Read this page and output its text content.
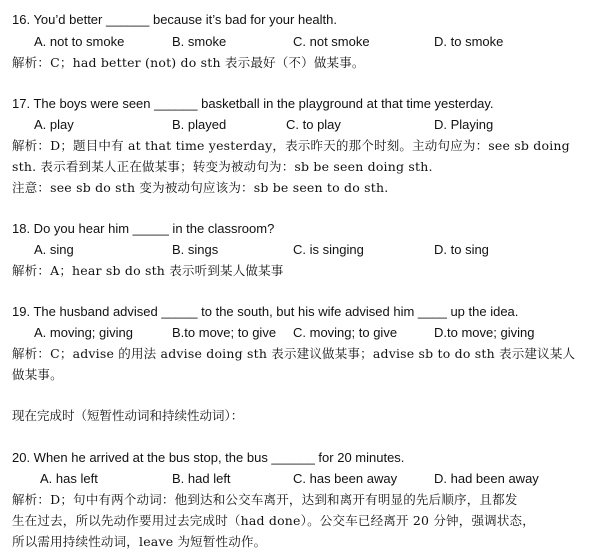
16. You’d better ______ because it’s bad for your health.
A. not to smoke	B. smoke	C. not smoke	D. to smoke
解析：C；had better (not) do sth 表示最好（不）做某事。
17. The boys were seen ______ basketball in the playground at that time yesterday.
A. play	B. played	C. to play	D. Playing
解析：D；题目中有 at that time yesterday，表示昨天的那个时刻。主动句应为：see sb doing
sth. 表示看到某人正在做某事；转变为被动句为：sb be seen doing sth.
注意：see sb do sth 变为被动句应该为：sb be seen to do sth.
18. Do you hear him _____ in the classroom?
A. sing	B. sings	C. is singing	D. to sing
解析：A；hear sb do sth 表示听到某人做某事
19. The husband advised _____ to the south, but his wife advised him ____ up the idea.
A. moving; giving	B.to move; to give C. moving; to give	D.to move; giving
解析：C；advise 的用法 advise doing sth 表示建议做某事；advise sb to do sth 表示建议某人
做某事。
现在完成时（短暂性动词和持续性动词）：
20. When he arrived at the bus stop, the bus ______ for 20 minutes.
A. has left	B. had left	C. has been away	D. had been away
解析：D；句中有两个动词：他到达和公交车离开，达到和离开有明显的先后顺序，且都发
生在过去，所以先动作要用过去完成时（had done）。公交车已经离开 20 分钟，强调状态，
所以需用持续性动词，leave 为短暂性动作。
